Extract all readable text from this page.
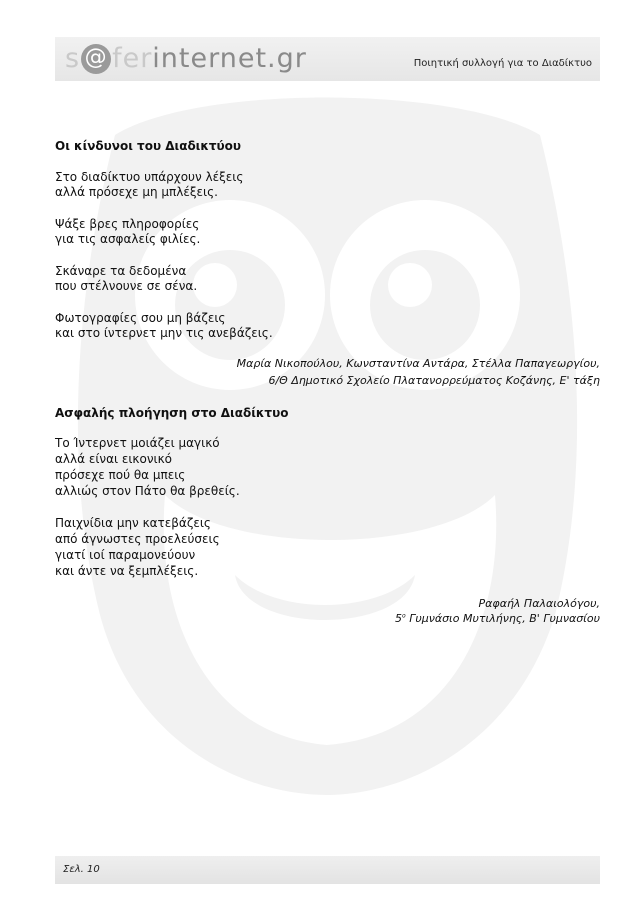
s @ ferinternet.gr	Ποιητική συλλογή για το Διαδίκτυο
Οι κίνδυνοι του Διαδικτύου
Στο διαδίκτυο υπάρχουν λέξεις
αλλά πρόσεχε μη μπλέξεις.
Ψάξε βρες πληροφορίες
για τις ασφαλείς φιλίες.
Σκάναρε τα δεδομένα
που στέλνουνε σε σένα.
Φωτογραφίες σου μη βάζεις
και στο ίντερνετ μην τις ανεβάζεις.
Μαρία Νικοπούλου, Κωνσταντίνα Αντάρα, Στέλλα Παπαγεωργίου,
6/Θ Δημοτικό Σχολείο Πλατανορρεύματος Κοζάνης, Ε' τάξη
Ασφαλής πλοήγηση στο Διαδίκτυο
Το Ίντερνετ μοιάζει μαγικό
αλλά είναι εικονικό
πρόσεχε πού θα μπεις
αλλιώς στον Πάτο θα βρεθείς.
Παιχνίδια μην κατεβάζεις
από άγνωστες προελεύσεις
γιατί ιοί παραμονεύουν
και άντε να ξεμπλέξεις.
Ραφαήλ Παλαιολόγου,
$5^o$ Γυμνάσιο Μυτιλήνης, Β' Γυμνασίου
Σελ. 10
